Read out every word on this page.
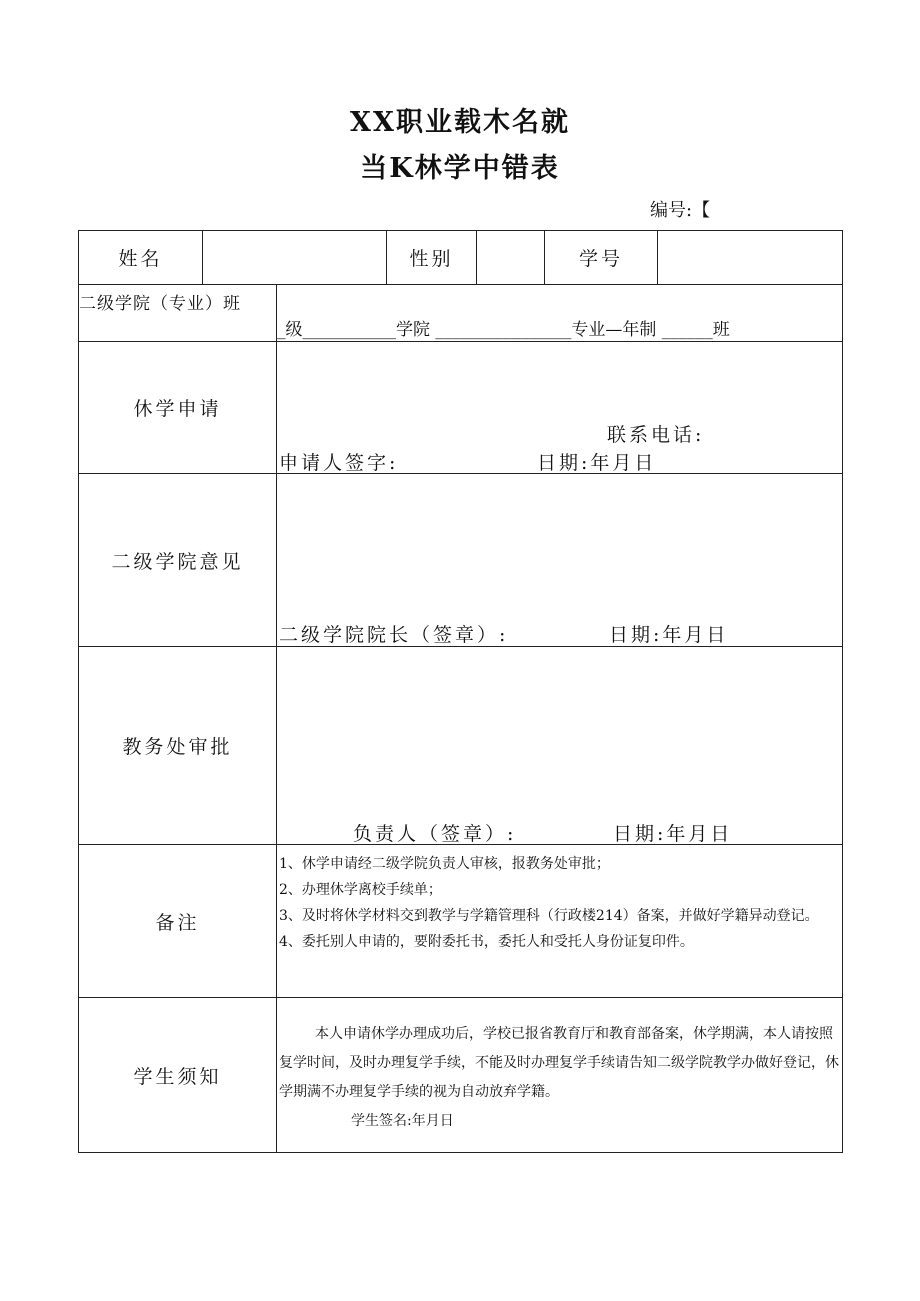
XX职业载木名就
当K林学中错表
编号:【
姓名			性别		学号	
二级学院（专业）班		_级___________学院 ________________专业—年制 ______班				

休学申请		联系电话:
申请人签字: 日期:年月日				

二级学院意见		二级学院院长（签章）: 日期:年月日				

教务处审批		负责人（签章）: 日期:年月日				

备注		1、休学申请经二级学院负责人审核，报教务处审批；
2、办理休学离校手续单；
3、及时将休学材料交到教学与学籍管理科（行政楼214）备案，并做好学籍异动登记。
4、委托别人申请的，要附委托书，委托人和受托人身份证复印件。				

学生须知		本人申请休学办理成功后，学校已报省教育厅和教育部备案，休学期满，本人请按照复学时间，及时办理复学手续，不能及时办理复学手续请告知二级学院教学办做好登记，休学期满不办理复学手续的视为自动放弃学籍。

学生签名:年月日				
